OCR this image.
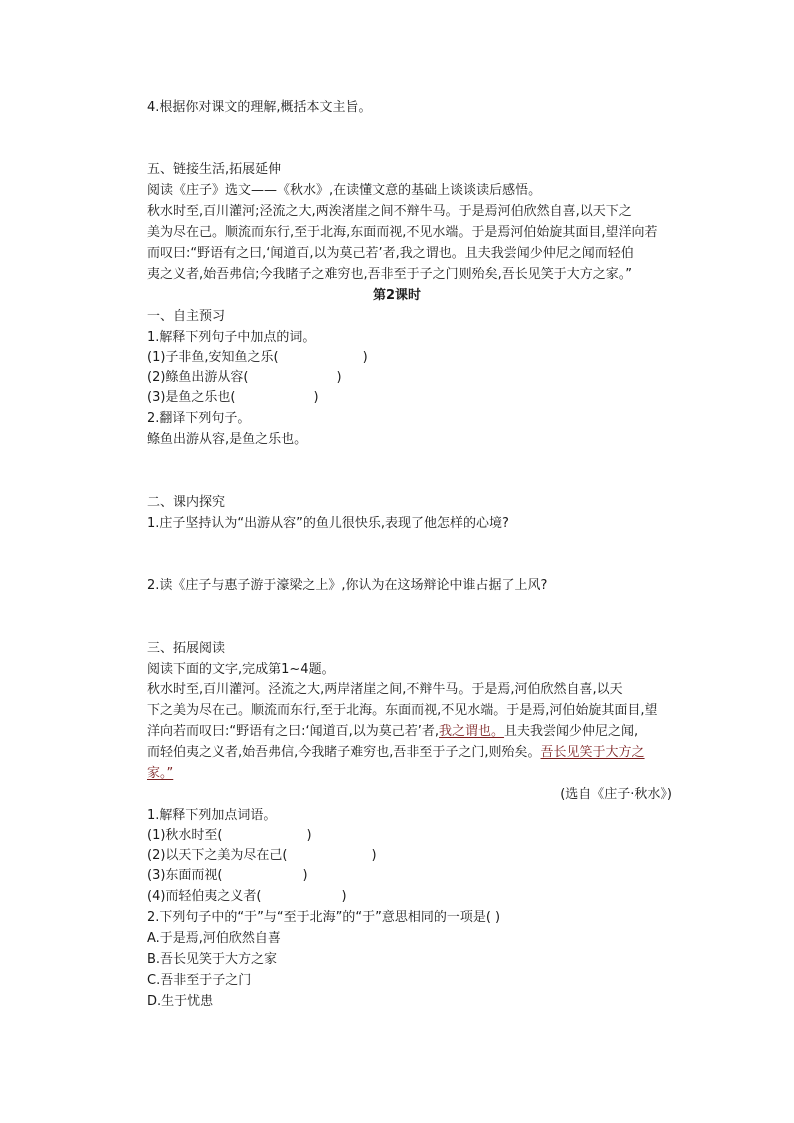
4.根据你对课文的理解,概括本文主旨。
五、链接生活,拓展延伸
阅读《庄子》选文——《秋水》,在读懂文意的基础上谈谈读后感悟。
秋水时至,百川灌河;泾流之大,两涘渚崖之间不辩牛马。于是焉河伯欣然自喜,以天下之
美为尽在己。顺流而东行,至于北海,东面而视,不见水端。于是焉河伯始旋其面目,望洋向若
而叹曰:“野语有之曰,‘闻道百,以为莫己若’者,我之谓也。且夫我尝闻少仲尼之闻而轻伯
夷之义者,始吾弗信;今我睹子之难穷也,吾非至于子之门则殆矣,吾长见笑于大方之家。”
第2课时
一、自主预习
1.解释下列句子中加点的词。
(1)子非鱼,安知鱼之乐(	)
(2)鲦鱼出游从容(	)
(3)是鱼之乐也(	)
2.翻译下列句子。
鲦鱼出游从容,是鱼之乐也。
二、课内探究
1.庄子坚持认为“出游从容”的鱼儿很快乐,表现了他怎样的心境?
2.读《庄子与惠子游于濠梁之上》,你认为在这场辩论中谁占据了上风?
三、拓展阅读
阅读下面的文字,完成第1~4题。
秋水时至,百川灌河。泾流之大,两岸渚崖之间,不辩牛马。于是焉,河伯欣然自喜,以天
下之美为尽在己。顺流而东行,至于北海。东面而视,不见水端。于是焉,河伯始旋其面目,望
洋向若而叹曰:“野语有之曰:‘闻道百,以为莫己若’者,我之谓也。且夫我尝闻少仲尼之闻,
而轻伯夷之义者,始吾弗信,今我睹子难穷也,吾非至于子之门,则殆矣。吾长见笑于大方之
家。”
(选自《庄子·秋水》)
1.解释下列加点词语。
(1)秋水时至(	)
(2)以天下之美为尽在己(	)
(3)东面而视(	)
(4)而轻伯夷之义者(	)
2.下列句子中的“于”与“至于北海”的“于”意思相同的一项是( )
A.于是焉,河伯欣然自喜
B.吾长见笑于大方之家
C.吾非至于子之门
D.生于忧患
